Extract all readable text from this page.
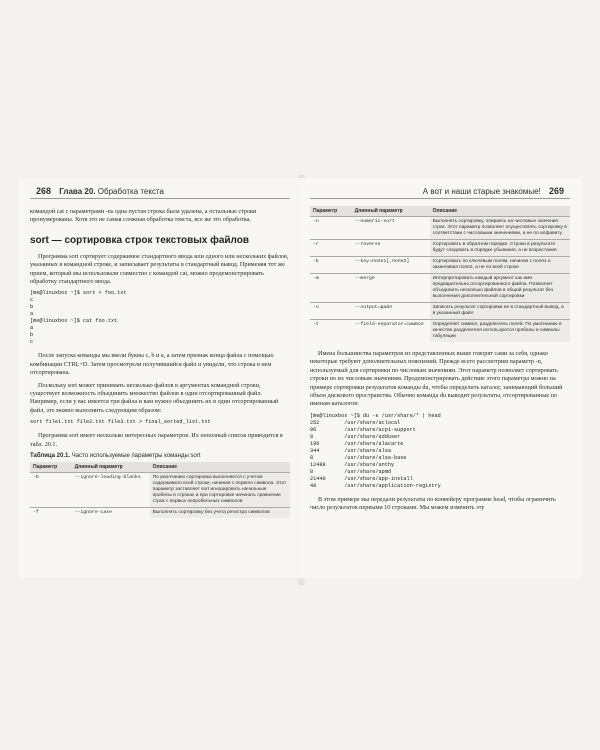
268 Глава 20. Обработка текста

командой cat с параметрами -ns одна пустая строка была удалена, а остальные строки пронумерованы. Хотя это не самая сложная обработка текста, все же это обработка.

sort — сортировка строк текстовых файлов

Программа sort сортирует содержимое стандартного ввода или одного или нескольких файлов, указанных в командной строке, и записывает результаты в стандартный вывод. Применяя тот же прием, который мы использовали совместно с командой cat, можно продемонстрировать обработку стандартного ввода.

[me@linuxbox ~]$ sort > foo.txt
c
b
a
[me@linuxbox ~]$ cat foo.txt
a
b
c

После запуска команды мы ввели буквы c, b и a, а затем признак конца файла с помощью комбинации CTRL+D. Затем просмотрели получившийся файл и увидели, что строка в нем отсортирована.

Поскольку sort может принимать несколько файлов в аргументах командной строки, существует возможность объединить множество файлов в один отсортированный файл. Например, если у вас имеется три файла и вам нужно объединить их в один отсортированный файл, это можно выполнить следующим образом:

sort file1.txt file2.txt file3.txt > final_sorted_list.txt

Программа sort имеет несколько интересных параметров. Их неполный список приводится в табл. 20.1.

Таблица 20.1. Часто используемые параметры команды sort
Параметр	Длинный параметр	Описание
-b	--ignore-leading-blanks	По умолчанию сортировка выполняется с учетом содержимого всей строки, начиная с первого символа. Этот параметр заставляет sort игнорировать начальные пробелы в строках и при сортировке начинать сравнение строк с первых непробельных символов
-f	--ignore-case	Выполнять сортировку без учета регистра символов
А вот и наши старые знакомые! 269
Параметр	Длинный параметр	Описание
-n	--numeric-sort	Выполнять сортировку, опираясь на числовые значения строк. Этот параметр позволяет осуществлять сортировку в соответствии с числовыми значениями, а не по алфавиту
-r	--reverse	Сортировать в обратном порядке. Строки в результате будут следовать в порядке убывания, а не возрастания
-k	--key=поле1[,поле2]	Сортировать по ключевым полям, начиная с поля1 и заканчивая поле2, а не по всей строке
-m	--merge	Интерпретировать каждый аргумент как имя предварительно отсортированного файла. Позволяет объединить несколько файлов в общий результат без выполнения дополнительной сортировки
-o	--output=файл	Записать результат сортировки не в стандартный вывод, а в указанный файл
-t	--field-separator=символ	Определяет символ, разделитель полей. По умолчанию в качестве разделителя используются пробелы и символы табуляции

Имена большинства параметров из представленных выше говорят сами за себя, однако некоторые требуют дополнительных пояснений. Прежде всего рассмотрим параметр -n, используемый для сортировки по числовым значениям. Этот параметр позволяет сортировать строки по их числовым значениям. Продемонстрировать действие этого параметра можно на примере сортировки результатов команды du, чтобы определить каталог, занимающий больший объем дискового пространства. Обычно команда du выводит результаты, отсортированные по именам каталогов:

[me@linuxbox ~]$ du -s /usr/share/* | head
252        /usr/share/aclocal
96         /usr/share/acpi-support
8          /usr/share/adduser
196        /usr/share/alacarte
344        /usr/share/alsa
8          /usr/share/alsa-base
12488      /usr/share/anthy
8          /usr/share/apmd
21440      /usr/share/app-install
48         /usr/share/application-registry

В этом примере мы передали результаты по конвейеру программе head, чтобы ограничить число результатов первыми 10 строками. Мы можем изменить эту
